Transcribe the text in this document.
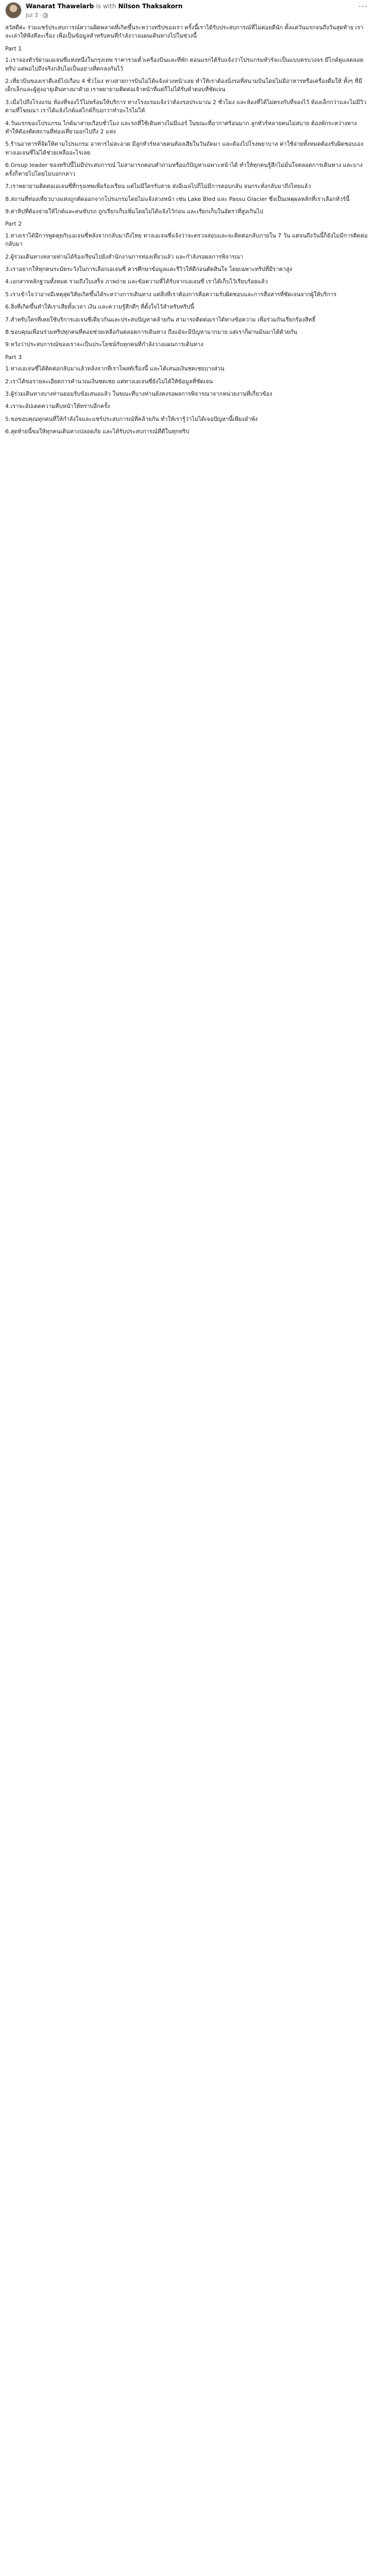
Wanarat Thawelarb is with Nilson Thaksakorn
Jul 3 ·
···

สวัสดีค่ะ ร่วมแชร์ประสบการณ์ความผิดพลาดที่เกิดขึ้นระหว่างทริปของเรา ครั้งนี้เราได้รับประสบการณ์ที่ไม่ค่อยดีนัก ตั้งแต่วันแรกจนถึงวันสุดท้าย เราจะเล่าให้ฟังทีละเรื่อง เพื่อเป็นข้อมูลสำหรับคนที่กำลังวางแผนเดินทางไปในช่วงนี้

Part 1

1.เราจองทัวร์ผ่านเอเจนซี่แห่งหนึ่งในกรุงเทพ ราคารวมตั๋วเครื่องบินและที่พัก ตอนแรกได้รับแจ้งว่าโปรแกรมทัวร์จะเป็นแบบครบวงจร มีไกด์ดูแลตลอดทริป แต่พอไปถึงจริงกลับไม่เป็นอย่างที่ตกลงกันไว้

2.เที่ยวบินของเราดีเลย์ไปเกือบ 4 ชั่วโมง ทางสายการบินไม่ได้แจ้งล่วงหน้าเลย ทำให้เราต้องนั่งรอที่สนามบินโดยไม่มีอาหารหรือเครื่องดื่มให้ ทั้งๆ ที่มีเด็กเล็กและผู้สูงอายุเดินทางมาด้วย เราพยายามติดต่อเจ้าหน้าที่แต่ก็ไม่ได้รับคำตอบที่ชัดเจน

3.เมื่อไปถึงโรงแรม ห้องที่จองไว้ไม่พร้อมให้บริการ ทางโรงแรมแจ้งว่าต้องรอประมาณ 2 ชั่วโมง และห้องที่ได้ไม่ตรงกับที่จองไว้ ห้องเล็กกว่าและไม่มีวิวตามที่โฆษณา เราได้แจ้งไกด์แต่ไกด์ก็บอกว่าทำอะไรไม่ได้

4.วันแรกของโปรแกรม ไกด์มาสายเกือบชั่วโมง และรถที่ใช้เดินทางไม่มีแอร์ ในขณะที่อากาศร้อนมาก ลูกทัวร์หลายคนไม่สบาย ต้องพักระหว่างทาง ทำให้ต้องตัดสถานที่ท่องเที่ยวออกไปถึง 2 แห่ง

5.ร้านอาหารที่จัดให้ตามโปรแกรม อาหารไม่สะอาด มีลูกทัวร์หลายคนท้องเสียในวันถัดมา และต้องไปโรงพยาบาล ค่าใช้จ่ายทั้งหมดต้องรับผิดชอบเอง ทางเอเจนซี่ไม่ได้ช่วยเหลืออะไรเลย

6.Group leader ของทริปนี้ไม่มีประสบการณ์ ไม่สามารถตอบคำถามหรือแก้ปัญหาเฉพาะหน้าได้ ทำให้ทุกคนรู้สึกไม่มั่นใจตลอดการเดินทาง และบางครั้งก็หายไปโดยไม่บอกกล่าว

7.เราพยายามติดต่อเอเจนซี่ที่กรุงเทพเพื่อร้องเรียน แต่ไม่มีใครรับสาย ส่งอีเมลไปก็ไม่มีการตอบกลับ จนกระทั่งกลับมาถึงไทยแล้ว

8.สถานที่ท่องเที่ยวบางแห่งถูกตัดออกจากโปรแกรมโดยไม่แจ้งล่วงหน้า เช่น Lake Bled และ Passu Glacier ซึ่งเป็นเหตุผลหลักที่เราเลือกทัวร์นี้

9.ค่าทิปที่ต้องจ่ายให้ไกด์และคนขับรถ ถูกเรียกเก็บเพิ่มโดยไม่ได้แจ้งไว้ก่อน และเรียกเก็บในอัตราที่สูงเกินไป

Part 2

1.ทางเราได้มีการพูดคุยกับเอเจนซี่หลังจากกลับมาถึงไทย ทางเอเจนซี่แจ้งว่าจะตรวจสอบและจะติดต่อกลับภายใน 7 วัน แต่จนถึงวันนี้ก็ยังไม่มีการติดต่อกลับมา

2.ผู้ร่วมเดินทางหลายท่านได้ร้องเรียนไปยังสำนักงานการท่องเที่ยวแล้ว และกำลังรอผลการพิจารณา

3.เราอยากให้ทุกคนระมัดระวังในการเลือกเอเจนซี่ ควรศึกษาข้อมูลและรีวิวให้ดีก่อนตัดสินใจ โดยเฉพาะทริปที่มีราคาสูง

4.เอกสารหลักฐานทั้งหมด รวมถึงใบเสร็จ ภาพถ่าย และข้อความที่ได้รับจากเอเจนซี่ เราได้เก็บไว้เรียบร้อยแล้ว

5.เราเข้าใจว่าอาจมีเหตุสุดวิสัยเกิดขึ้นได้ระหว่างการเดินทาง แต่สิ่งที่เราต้องการคือความรับผิดชอบและการสื่อสารที่ชัดเจนจากผู้ให้บริการ

6.สิ่งที่เกิดขึ้นทำให้เราเสียทั้งเวลา เงิน และความรู้สึกดีๆ ที่ตั้งใจไว้สำหรับทริปนี้

7.สำหรับใครที่เคยใช้บริการเอเจนซี่เดียวกันและประสบปัญหาคล้ายกัน สามารถติดต่อเราได้ทางข้อความ เพื่อร่วมกันเรียกร้องสิทธิ์

8.ขอบคุณเพื่อนร่วมทริปทุกคนที่คอยช่วยเหลือกันตลอดการเดินทาง ถึงแม้จะมีปัญหามากมาย แต่เราก็ผ่านมันมาได้ด้วยกัน

9.หวังว่าประสบการณ์ของเราจะเป็นประโยชน์กับทุกคนที่กำลังวางแผนการเดินทาง

Part 3

1.ทางเอเจนซี่ได้ติดต่อกลับมาแล้วหลังจากที่เราโพสต์เรื่องนี้ และได้เสนอเงินชดเชยบางส่วน

2.เราได้ขอรายละเอียดการคำนวณเงินชดเชย แต่ทางเอเจนซี่ยังไม่ได้ให้ข้อมูลที่ชัดเจน

3.ผู้ร่วมเดินทางบางท่านยอมรับข้อเสนอแล้ว ในขณะที่บางท่านยังคงรอผลการพิจารณาจากหน่วยงานที่เกี่ยวข้อง

4.เราจะอัปเดตความคืบหน้าให้ทราบอีกครั้ง

5.ขอขอบคุณทุกคนที่ให้กำลังใจและแชร์ประสบการณ์ที่คล้ายกัน ทำให้เรารู้ว่าไม่ได้เจอปัญหานี้เพียงลำพัง

6.สุดท้ายนี้ขอให้ทุกคนเดินทางปลอดภัย และได้รับประสบการณ์ที่ดีในทุกทริป
